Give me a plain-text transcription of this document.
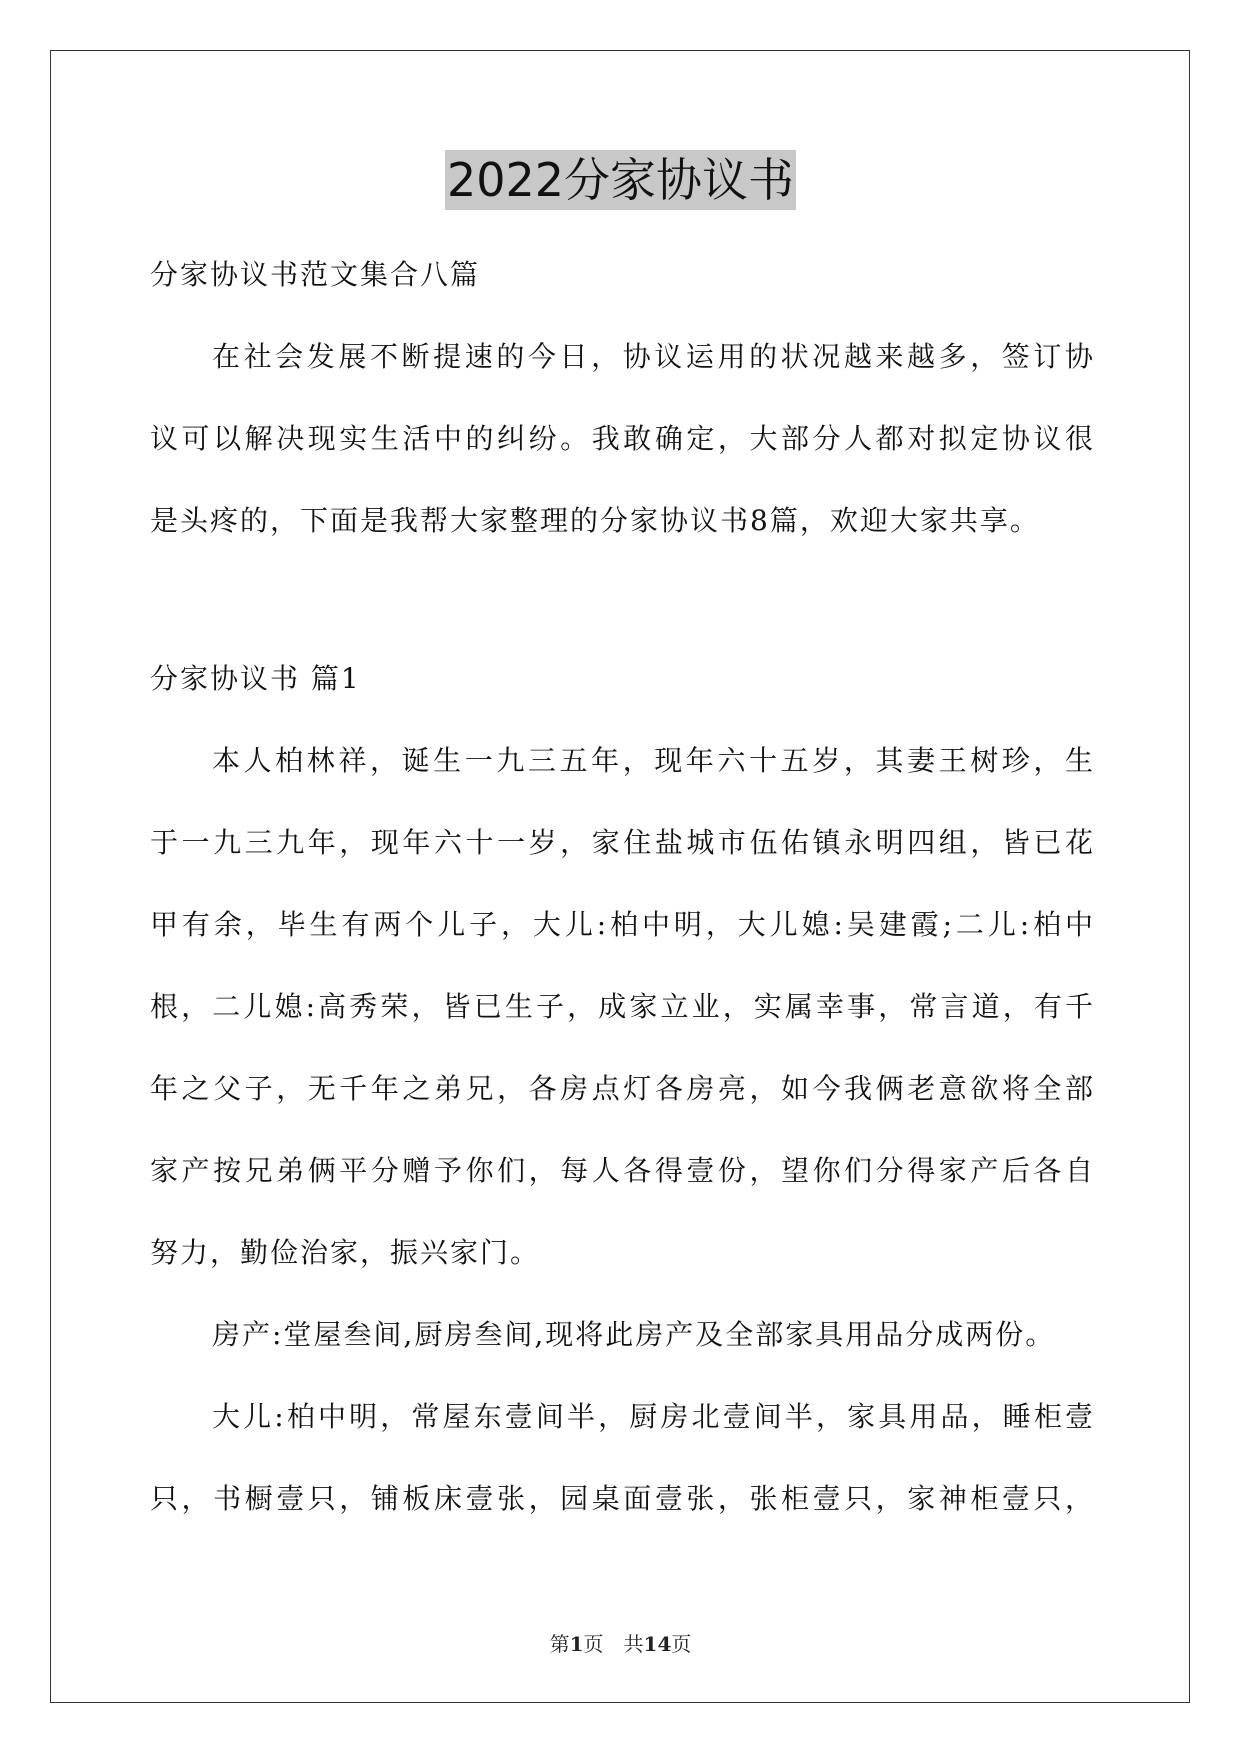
2022分家协议书
分家协议书范文集合八篇
在社会发展不断提速的今日，协议运用的状况越来越多，签订协
议可以解决现实生活中的纠纷。我敢确定，大部分人都对拟定协议很
是头疼的，下面是我帮大家整理的分家协议书8篇，欢迎大家共享。
分家协议书 篇1
本人柏林祥，诞生一九三五年，现年六十五岁，其妻王树珍，生
于一九三九年，现年六十一岁，家住盐城市伍佑镇永明四组，皆已花
甲有余，毕生有两个儿子，大儿:柏中明，大儿媳:吴建霞;二儿:柏中
根，二儿媳:高秀荣，皆已生子，成家立业，实属幸事，常言道，有千
年之父子，无千年之弟兄，各房点灯各房亮，如今我俩老意欲将全部
家产按兄弟俩平分赠予你们，每人各得壹份，望你们分得家产后各自
努力，勤俭治家，振兴家门。
房产:堂屋叁间,厨房叁间,现将此房产及全部家具用品分成两份。
大儿:柏中明，常屋东壹间半，厨房北壹间半，家具用品，睡柜壹
只，书橱壹只，铺板床壹张，园桌面壹张，张柜壹只，家神柜壹只，
第1页　共14页
